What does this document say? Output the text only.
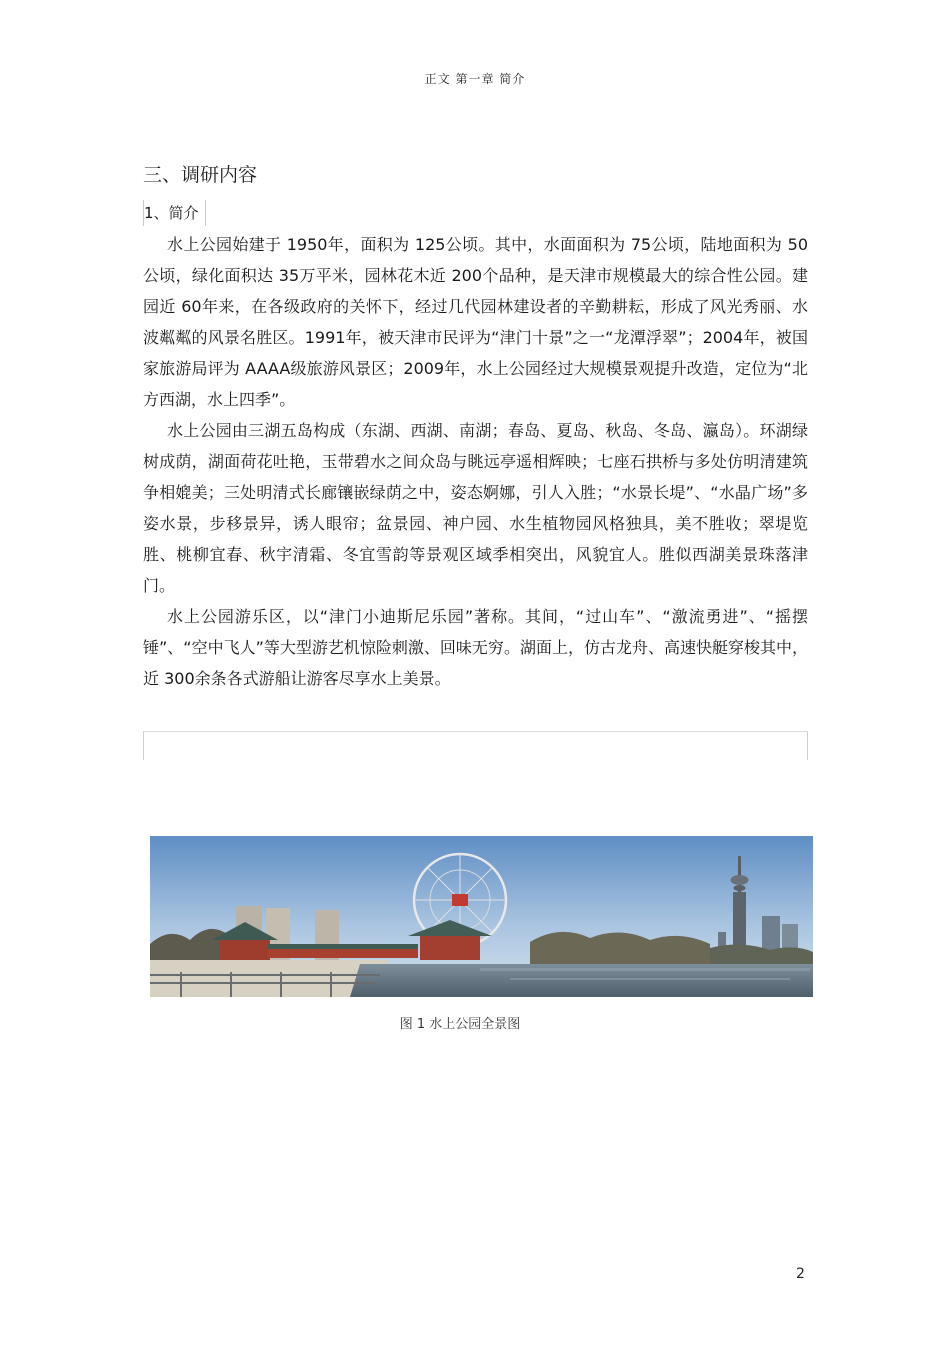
正文 第一章 简介
三、调研内容
1、简介

水上公园始建于 1950年，面积为 125公顷。其中，水面面积为 75公顷，陆地面积为 50公顷，绿化面积达 35万平米，园林花木近 200个品种，是天津市规模最大的综合性公园。建园近 60年来，在各级政府的关怀下，经过几代园林建设者的辛勤耕耘，形成了风光秀丽、水波粼粼的风景名胜区。1991年，被天津市民评为“津门十景”之一“龙潭浮翠”；2004年，被国家旅游局评为 AAAA级旅游风景区；2009年，水上公园经过大规模景观提升改造，定位为“北方西湖，水上四季”。

水上公园由三湖五岛构成（东湖、西湖、南湖；春岛、夏岛、秋岛、冬岛、瀛岛）。环湖绿树成荫，湖面荷花吐艳，玉带碧水之间众岛与眺远亭遥相辉映；七座石拱桥与多处仿明清建筑争相媲美；三处明清式长廊镶嵌绿荫之中，姿态婀娜，引人入胜；“水景长堤”、“水晶广场”多姿水景，步移景异，诱人眼帘；盆景园、神户园、水生植物园风格独具，美不胜收；翠堤览胜、桃柳宜春、秋宇清霜、冬宜雪韵等景观区域季相突出，风貌宜人。胜似西湖美景珠落津门。

水上公园游乐区，以“津门小迪斯尼乐园”著称。其间，“过山车”、“激流勇进”、“摇摆锤”、“空中飞人”等大型游艺机惊险刺激、回味无穷。湖面上，仿古龙舟、高速快艇穿梭其中，近 300余条各式游船让游客尽享水上美景。

图 1 水上公园全景图
2
